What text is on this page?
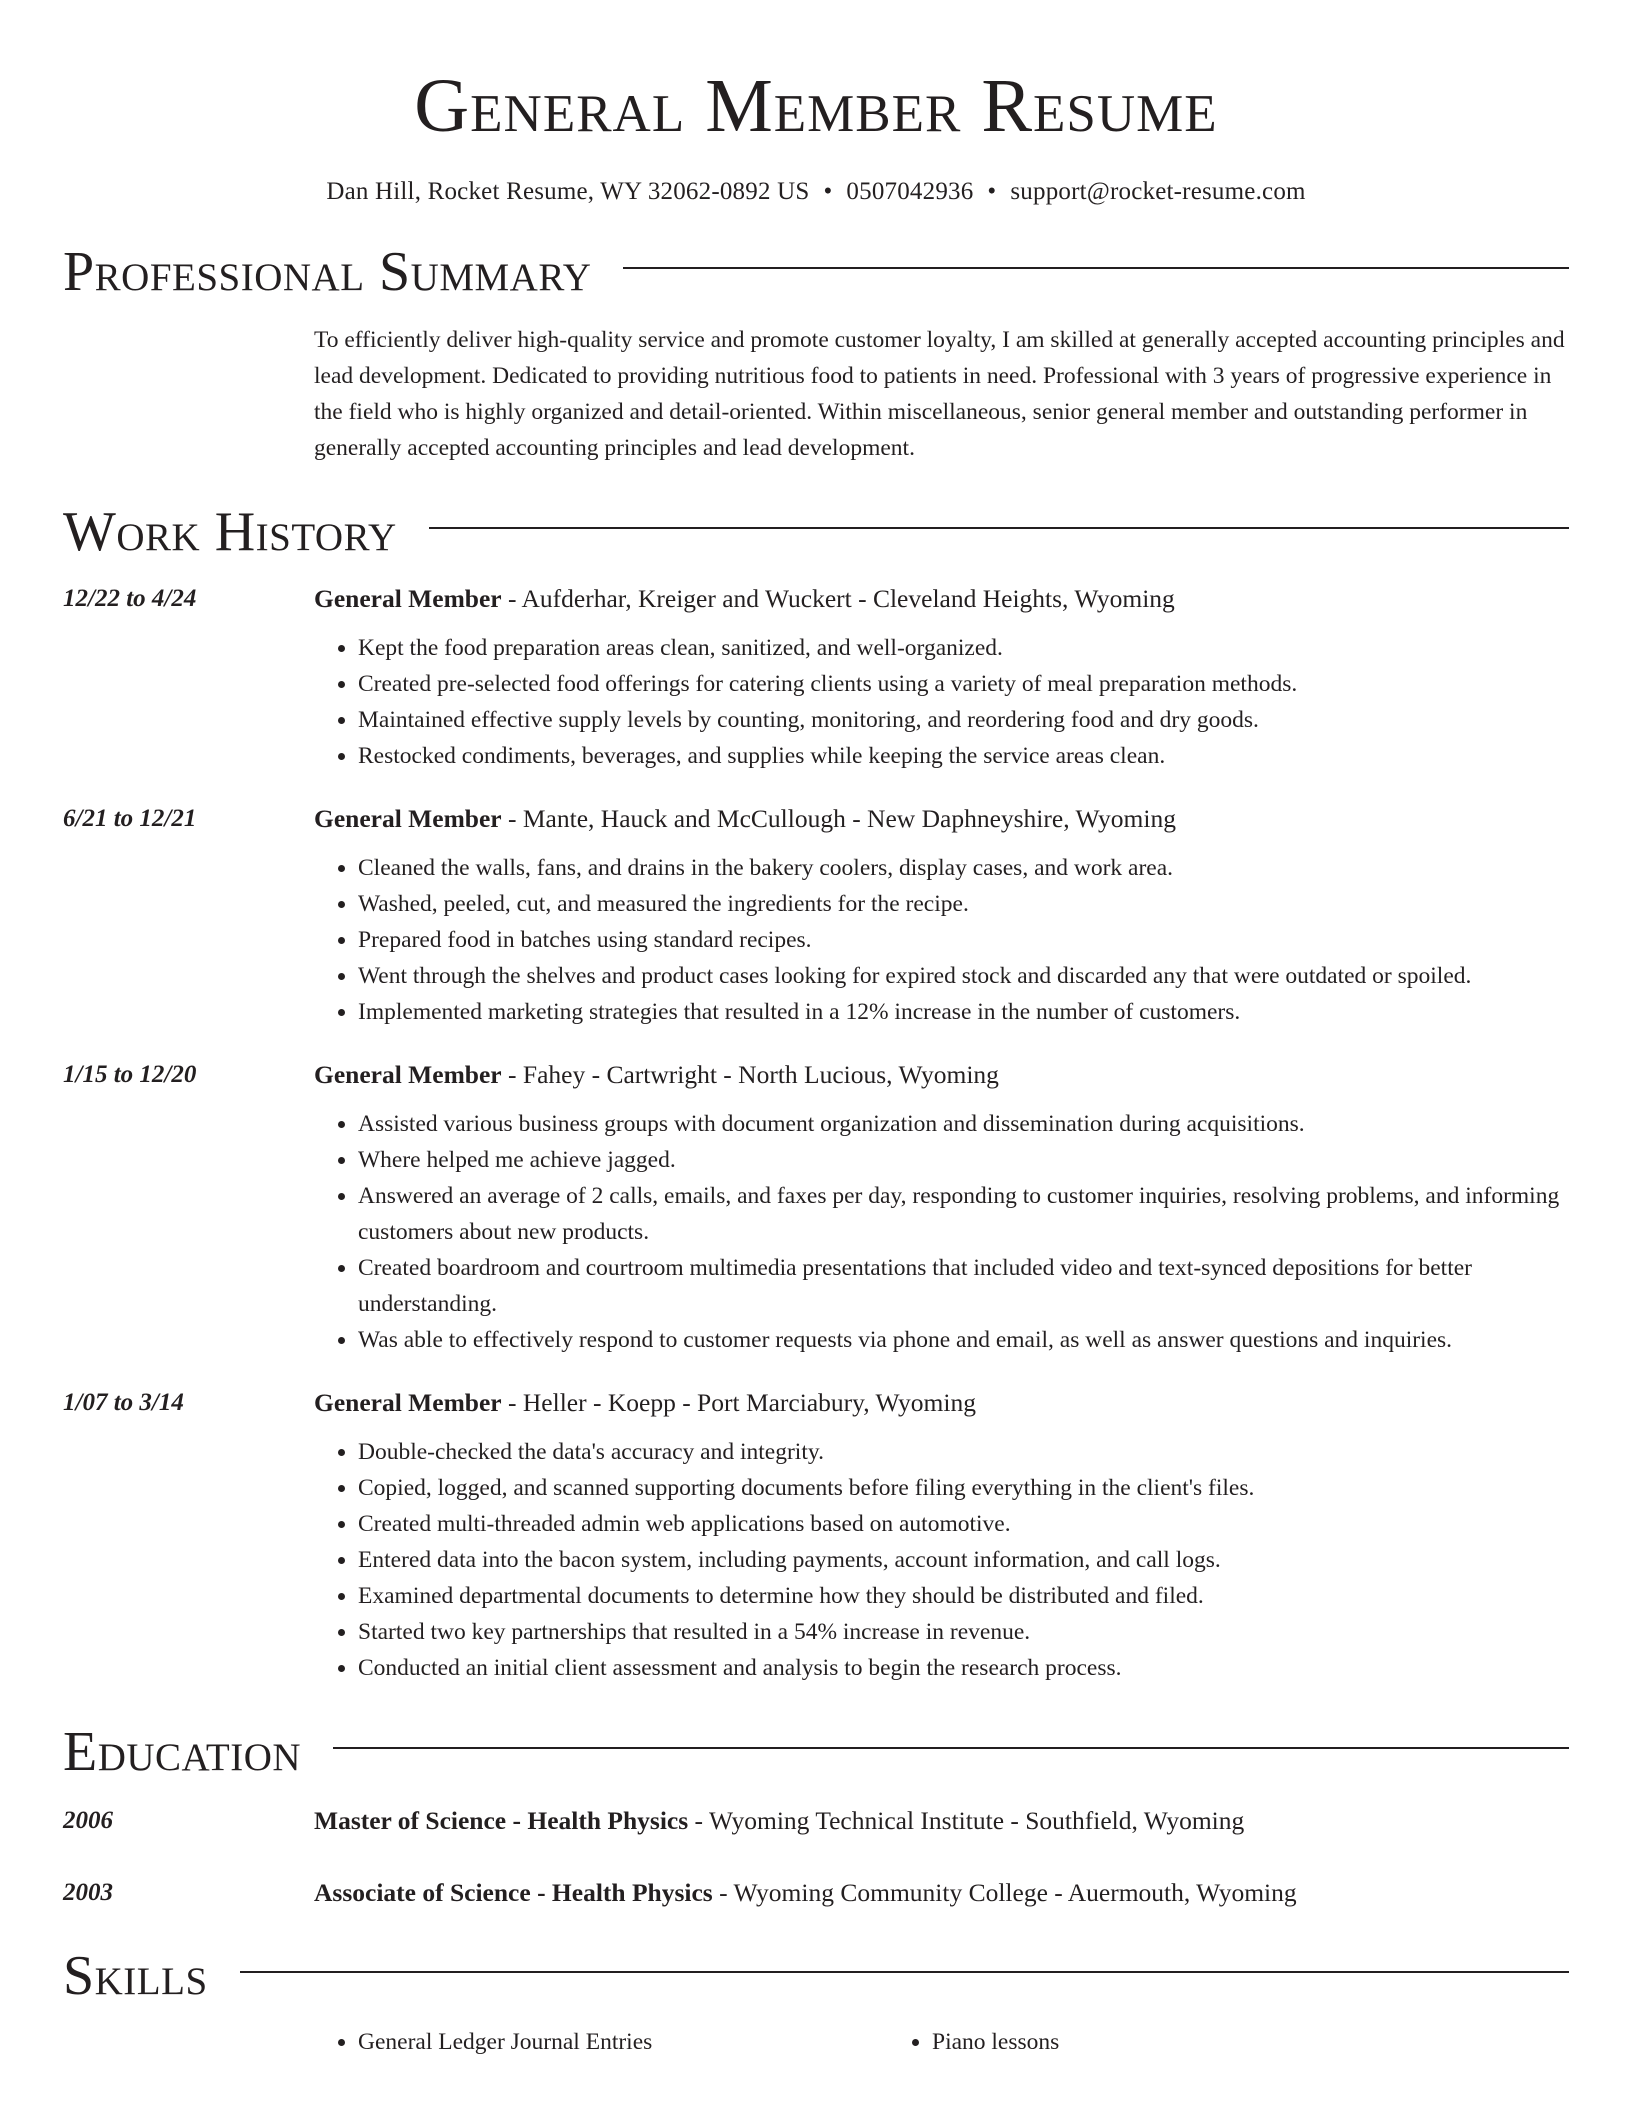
General Member Resume
Dan Hill, Rocket Resume, WY 32062-0892 US • 0507042936 • support@rocket-resume.com
Professional Summary
To efficiently deliver high-quality service and promote customer loyalty, I am skilled at generally accepted accounting principles and lead development. Dedicated to providing nutritious food to patients in need. Professional with 3 years of progressive experience in the field who is highly organized and detail-oriented. Within miscellaneous, senior general member and outstanding performer in generally accepted accounting principles and lead development.
Work History
12/22 to 4/24	General Member - Aufderhar, Kreiger and Wuckert - Cleveland Heights, Wyoming
• Kept the food preparation areas clean, sanitized, and well-organized.
• Created pre-selected food offerings for catering clients using a variety of meal preparation methods.
• Maintained effective supply levels by counting, monitoring, and reordering food and dry goods.
• Restocked condiments, beverages, and supplies while keeping the service areas clean.
6/21 to 12/21	General Member - Mante, Hauck and McCullough - New Daphneyshire, Wyoming
• Cleaned the walls, fans, and drains in the bakery coolers, display cases, and work area.
• Washed, peeled, cut, and measured the ingredients for the recipe.
• Prepared food in batches using standard recipes.
• Went through the shelves and product cases looking for expired stock and discarded any that were outdated or spoiled.
• Implemented marketing strategies that resulted in a 12% increase in the number of customers.
1/15 to 12/20	General Member - Fahey - Cartwright - North Lucious, Wyoming
• Assisted various business groups with document organization and dissemination during acquisitions.
• Where helped me achieve jagged.
• Answered an average of 2 calls, emails, and faxes per day, responding to customer inquiries, resolving problems, and informing customers about new products.
• Created boardroom and courtroom multimedia presentations that included video and text-synced depositions for better understanding.
• Was able to effectively respond to customer requests via phone and email, as well as answer questions and inquiries.
1/07 to 3/14	General Member - Heller - Koepp - Port Marciabury, Wyoming
• Double-checked the data's accuracy and integrity.
• Copied, logged, and scanned supporting documents before filing everything in the client's files.
• Created multi-threaded admin web applications based on automotive.
• Entered data into the bacon system, including payments, account information, and call logs.
• Examined departmental documents to determine how they should be distributed and filed.
• Started two key partnerships that resulted in a 54% increase in revenue.
• Conducted an initial client assessment and analysis to begin the research process.
Education
2006	Master of Science - Health Physics - Wyoming Technical Institute - Southfield, Wyoming
2003	Associate of Science - Health Physics - Wyoming Community College - Auermouth, Wyoming
Skills
• General Ledger Journal Entries
•	Piano lessons
